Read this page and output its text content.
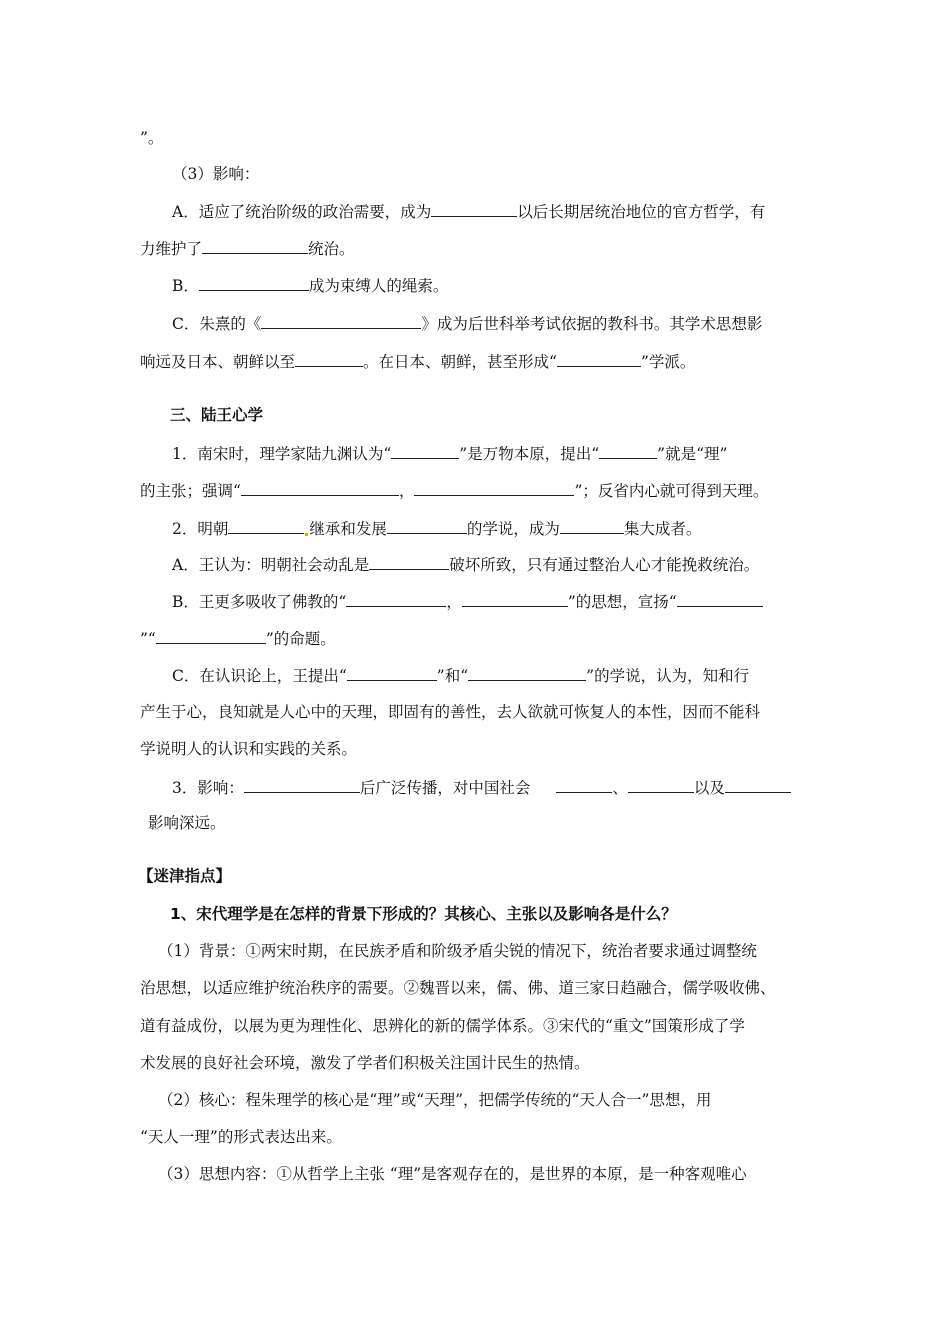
”。
（3）影响：
A．适应了统治阶级的政治需要，成为	以后长期居统治地位的官方哲学，有
力维护了	统治。
B．	成为束缚人的绳索。
C．朱熹的《	》成为后世科举考试依据的教科书。其学术思想影
响远及日本、朝鲜以至	。在日本、朝鲜，甚至形成“	”学派。
三、陆王心学
1．南宋时，理学家陆九渊认为“	”是万物本原，提出“	”就是“理”
的主张；强调“	，	”；反省内心就可得到天理。
2．明朝	继承和发展	的学说，成为	集大成者。
A．王认为：明朝社会动乱是	破坏所致，只有通过整治人心才能挽救统治。
B．王更多吸收了佛教的“	，	”的思想，宣扬“
”“	”的命题。
C．在认识论上，王提出“	”和“	”的学说，认为，知和行
产生于心，良知就是人心中的天理，即固有的善性，去人欲就可恢复人的本性，因而不能科
学说明人的认识和实践的关系。
3．影响：	后广泛传播，对中国社会	、	以及
影响深远。
【迷津指点】
1、宋代理学是在怎样的背景下形成的？其核心、主张以及影响各是什么？
（1）背景：①两宋时期，在民族矛盾和阶级矛盾尖锐的情况下，统治者要求通过调整统
治思想，以适应维护统治秩序的需要。②魏晋以来，儒、佛、道三家日趋融合，儒学吸收佛、
道有益成份，以展为更为理性化、思辨化的新的儒学体系。③宋代的“重文”国策形成了学
术发展的良好社会环境，激发了学者们积极关注国计民生的热情。
（2）核心：程朱理学的核心是“理”或“天理”，把儒学传统的“天人合一”思想，用
“天人一理”的形式表达出来。
（3）思想内容：①从哲学上主张 “理”是客观存在的，是世界的本原，是一种客观唯心
